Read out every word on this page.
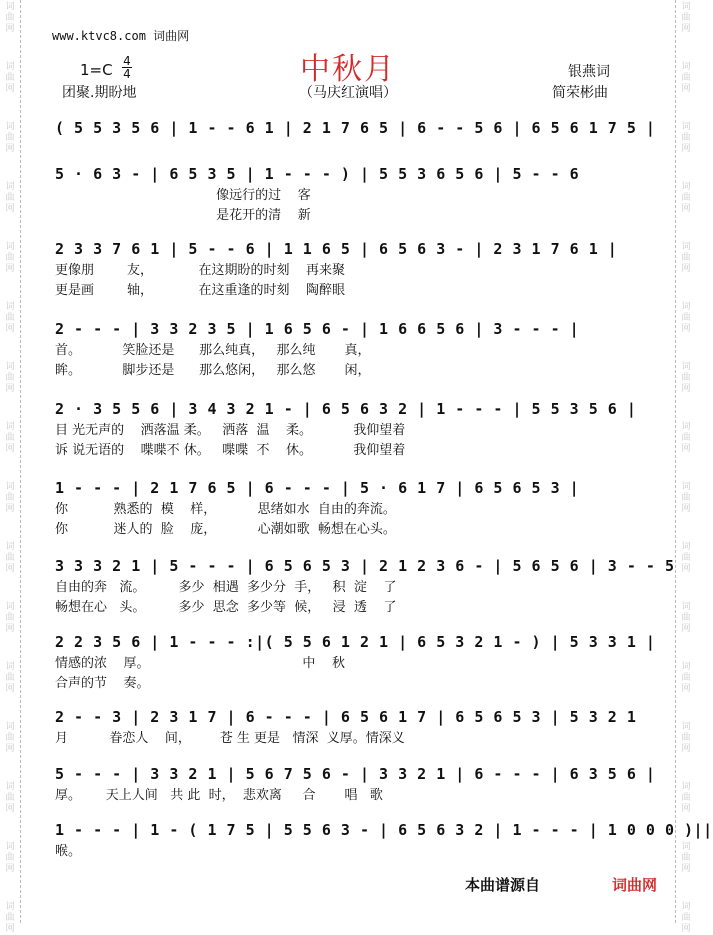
词
曲
网
词
曲
网
词
曲
网
词
曲
网
词
曲
网
词
曲
网
词
曲
网
词
曲
网
词
曲
网
词
曲
网
词
曲
网
词
曲
网
词
曲
网
词
曲
网
词
曲
网
词
曲
网
词
曲
网
词
曲
网
词
曲
网
词
曲
网
词
曲
网
词
曲
网
词
曲
网
词
曲
网
词
曲
网
词
曲
网
词
曲
网
词
曲
网
词
曲
网
词
曲
网
词
曲
网
词
曲
网
www.ktvc8.com 词曲网
中秋月
（马庆红演唱）
1=C 4
4
团聚.期盼地
银燕词
简荣彬曲
( 5 5 3 5 6 | 1 - - 6 1 | 2 1 7 6 5 | 6 - - 5 6 | 6 5 6 1 7 5 |
5 · 6 3 - | 6 5 3 5 | 1 - - - ) | 5 5 3 6 5 6 | 5 - - 6
像远行的过    客
是花开的清    新
2 3 3 7 6 1 | 5 - - 6 | 1 1 6 5 | 6 5 6 3 - | 2 3 1 7 6 1 |
更像朋        友，           在这期盼的时刻    再来聚
更是画        轴，           在这重逢的时刻    陶醉眼
2 - - - | 3 3 2 3 5 | 1 6 5 6 - | 1 6 6 5 6 | 3 - - - |
首。          笑脸还是      那么纯真，   那么纯       真，
眸。          脚步还是      那么悠闲，   那么悠       闲，
2 · 3 5 5 6 | 3 4 3 2 1 - | 6 5 6 3 2 | 1 - - - | 5 5 3 5 6 |
目 光无声的    洒落温 柔。   洒落  温    柔。          我仰望着
诉 说无语的    喋喋不 休。   喋喋  不    休。          我仰望着
1 - - - | 2 1 7 6 5 | 6 - - - | 5 · 6 1 7 | 6 5 6 5 3 |
你           熟悉的  模    样，          思绪如水  自由的奔流。
你           迷人的  脸    庞，          心潮如歌  畅想在心头。
3 3 3 2 1 | 5 - - - | 6 5 6 5 3 | 2 1 2 3 6 - | 5 6 5 6 | 3 - - 5
自由的奔   流。        多少  相遇  多少分  手，   积  淀    了
畅想在心   头。        多少  思念  多少等  候，   浸  透    了
2 2 3 5 6 | 1 - - - :|( 5 5 6 1 2 1 | 6 5 3 2 1 - ) | 5 3 3 1 |
情感的浓    厚。                                     中    秋
合声的节    奏。
2 - - 3 | 2 3 1 7 | 6 - - - | 6 5 6 1 7 | 6 5 6 5 3 | 5 3 2 1
月          眷恋人    间，       苍 生 更是   情深  义厚。情深义
5 - - - | 3 3 2 1 | 5 6 7 5 6 - | 3 3 2 1 | 6 - - - | 6 3 5 6 |
厚。      天上人间   共 此  时，  悲欢离     合       唱   歌
1 - - - | 1 - ( 1 7 5 | 5 5 6 3 - | 6 5 6 3 2 | 1 - - - | 1 0 0 0 )||
喉。
本曲谱源自	词曲网
